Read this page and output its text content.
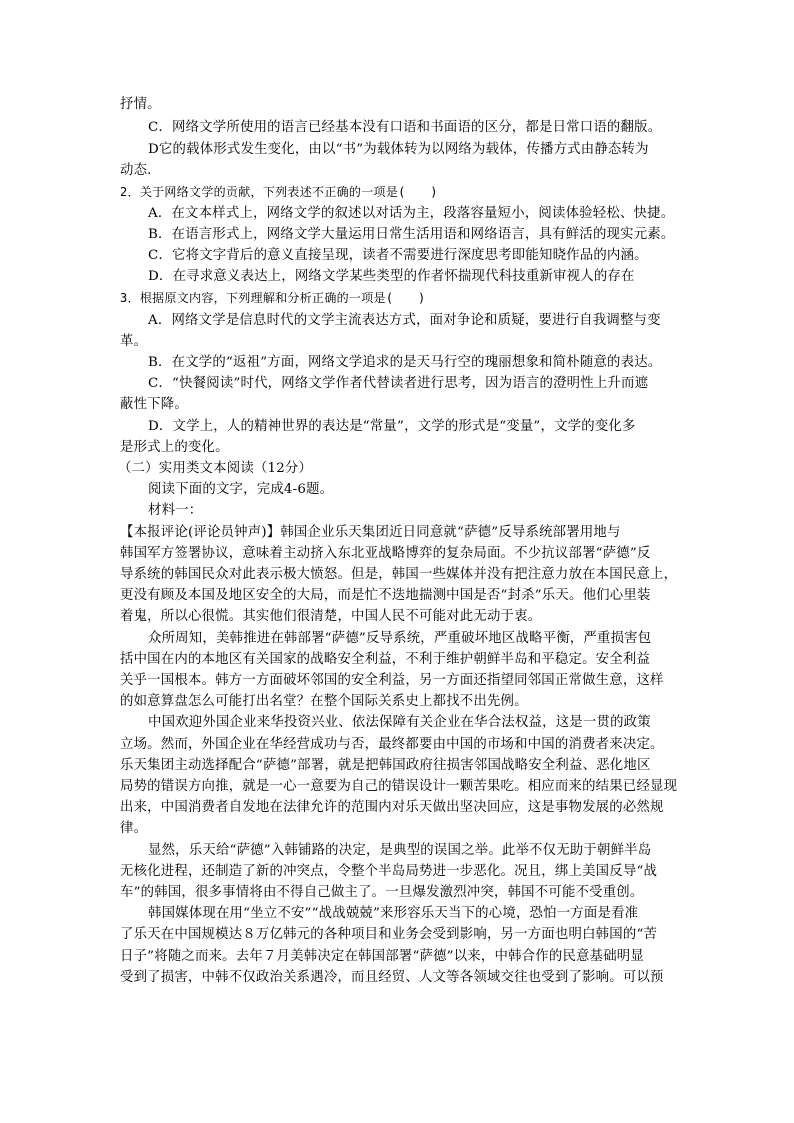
抒情。
C．网络文学所使用的语言已经基本没有口语和书面语的区分，都是日常口语的翻版。
D它的载体形式发生变化，由以“书”为载体转为以网络为载体，传播方式由静态转为
动态．
2．关于网络文学的贡献，下列表述不正确的一项是(　　)
A．在文本样式上，网络文学的叙述以对话为主，段落容量短小，阅读体验轻松、快捷。
B．在语言形式上，网络文学大量运用日常生活用语和网络语言，具有鲜活的现实元素。
C．它将文字背后的意义直接呈现，读者不需要进行深度思考即能知晓作品的内涵。
D．在寻求意义表达上，网络文学某些类型的作者怀揣现代科技重新审视人的存在
3．根据原文内容，下列理解和分析正确的一项是(　　)
A．网络文学是信息时代的文学主流表达方式，面对争论和质疑，要进行自我调整与变
革。
B．在文学的“返祖”方面，网络文学追求的是天马行空的瑰丽想象和简朴随意的表达。
C．“快餐阅读”时代，网络文学作者代替读者进行思考，因为语言的澄明性上升而遮
蔽性下降。
D．文学上，人的精神世界的表达是“常量”，文学的形式是“变量”，文学的变化多
是形式上的变化。
（二）实用类文本阅读（12分）
阅读下面的文字，完成4-6题。
材料一：
【本报评论(评论员钟声)】韩国企业乐天集团近日同意就“萨德”反导系统部署用地与
韩国军方签署协议，意味着主动挤入东北亚战略博弈的复杂局面。不少抗议部署“萨德”反
导系统的韩国民众对此表示极大愤怒。但是，韩国一些媒体并没有把注意力放在本国民意上，
更没有顾及本国及地区安全的大局，而是忙不迭地揣测中国是否“封杀”乐天。他们心里装
着鬼，所以心很慌。其实他们很清楚，中国人民不可能对此无动于衷。
众所周知，美韩推进在韩部署“萨德”反导系统，严重破坏地区战略平衡，严重损害包
括中国在内的本地区有关国家的战略安全利益，不利于维护朝鲜半岛和平稳定。安全利益
关乎一国根本。韩方一方面破坏邻国的安全利益，另一方面还指望同邻国正常做生意，这样
的如意算盘怎么可能打出名堂？在整个国际关系史上都找不出先例。
中国欢迎外国企业来华投资兴业、依法保障有关企业在华合法权益，这是一贯的政策
立场。然而，外国企业在华经营成功与否，最终都要由中国的市场和中国的消费者来决定。
乐天集团主动选择配合“萨德”部署，就是把韩国政府往损害邻国战略安全利益、恶化地区
局势的错误方向推，就是一心一意要为自己的错误设计一颗苦果吃。相应而来的结果已经显现
出来，中国消费者自发地在法律允许的范围内对乐天做出坚决回应，这是事物发展的必然规
律。
显然，乐天给“萨德”入韩铺路的决定，是典型的误国之举。此举不仅无助于朝鲜半岛
无核化进程，还制造了新的冲突点，令整个半岛局势进一步恶化。况且，绑上美国反导“战
车”的韩国，很多事情将由不得自己做主了。一旦爆发激烈冲突，韩国不可能不受重创。
韩国媒体现在用“坐立不安”“战战兢兢”来形容乐天当下的心境，恐怕一方面是看准
了乐天在中国规模达８万亿韩元的各种项目和业务会受到影响，另一方面也明白韩国的“苦
日子”将随之而来。去年７月美韩决定在韩国部署“萨德”以来，中韩合作的民意基础明显
受到了损害，中韩不仅政治关系遇冷，而且经贸、人文等各领域交往也受到了影响。可以预
